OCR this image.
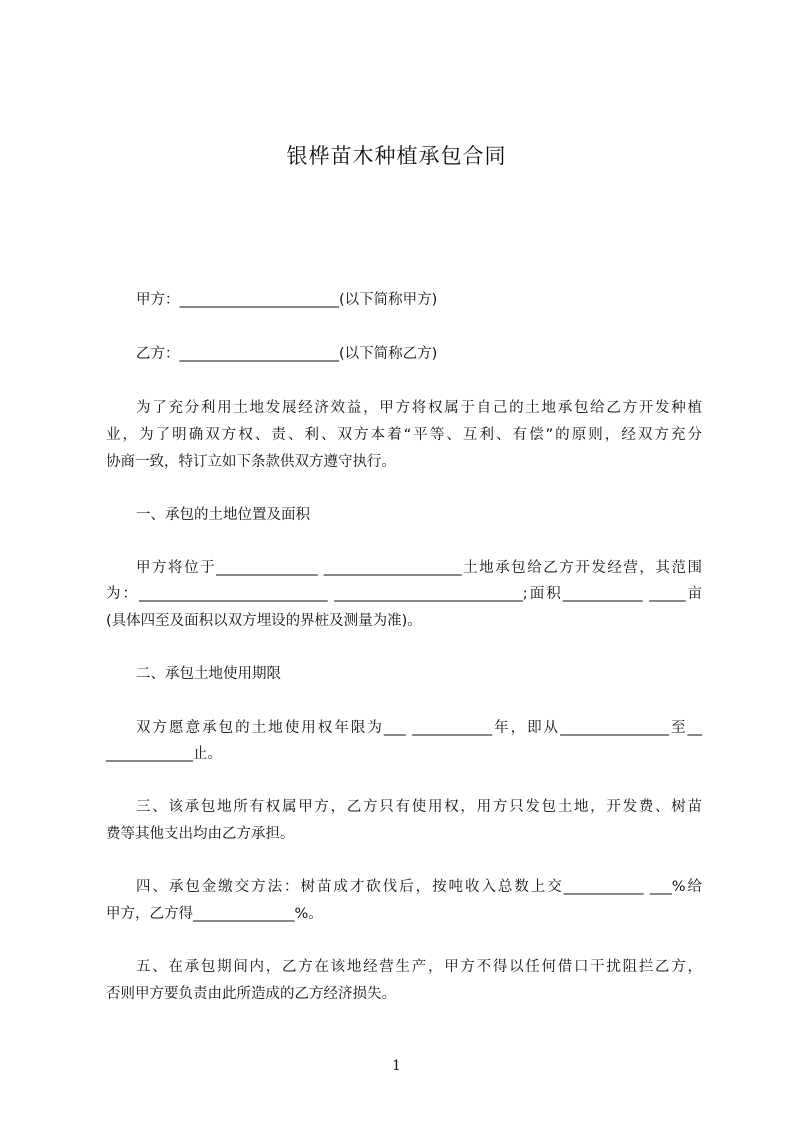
银桦苗木种植承包合同
甲方：______________________(以下简称甲方)
乙方：______________________(以下简称乙方)
为了充分利用土地发展经济效益，甲方将权属于自己的土地承包给乙方开发种植
业，为了明确双方权、责、利、双方本着“平等、互利、有偿”的原则，经双方充分
协商一致，特订立如下条款供双方遵守执行。
一、承包的土地位置及面积
甲方将位于______________ ___________________土地承包给乙方开发经营，其范围
为：__________________________ __________________________;面积___________ _____亩
(具体四至及面积以双方埋设的界桩及测量为准)。
二、承包土地使用期限
双方愿意承包的土地使用权年限为___ ___________年，即从_______________至__
____________止。
三、该承包地所有权属甲方，乙方只有使用权，用方只发包土地，开发费、树苗
费等其他支出均由乙方承担。
四、承包金缴交方法：树苗成才砍伐后，按吨收入总数上交___________ ___%给
甲方，乙方得______________%。
五、在承包期间内，乙方在该地经营生产，甲方不得以任何借口干扰阻拦乙方，
否则甲方要负责由此所造成的乙方经济损失。
1
